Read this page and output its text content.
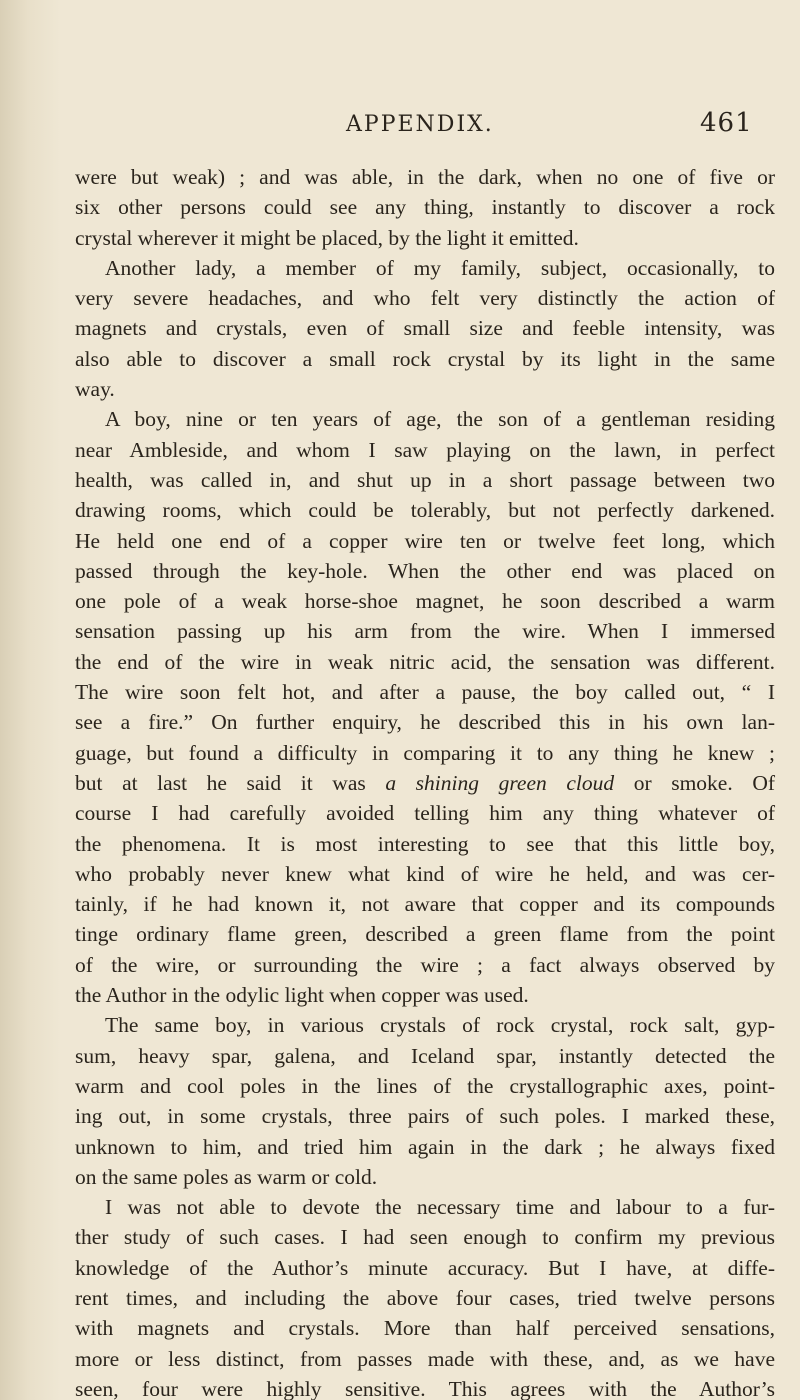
APPENDIX.	461
were but weak) ; and was able, in the dark, when no one of five or
six other persons could see any thing, instantly to discover a rock
crystal wherever it might be placed, by the light it emitted.
Another lady, a member of my family, subject, occasionally, to
very severe headaches, and who felt very distinctly the action of
magnets and crystals, even of small size and feeble intensity, was
also able to discover a small rock crystal by its light in the same
way.
A boy, nine or ten years of age, the son of a gentleman residing
near Ambleside, and whom I saw playing on the lawn, in perfect
health, was called in, and shut up in a short passage between two
drawing rooms, which could be tolerably, but not perfectly darkened.
He held one end of a copper wire ten or twelve feet long, which
passed through the key-hole. When the other end was placed on
one pole of a weak horse-shoe magnet, he soon described a warm
sensation passing up his arm from the wire. When I immersed
the end of the wire in weak nitric acid, the sensation was different.
The wire soon felt hot, and after a pause, the boy called out, “ I
see a fire.” On further enquiry, he described this in his own lan-
guage, but found a difficulty in comparing it to any thing he knew ;
but at last he said it was a shining green cloud or smoke. Of
course I had carefully avoided telling him any thing whatever of
the phenomena. It is most interesting to see that this little boy,
who probably never knew what kind of wire he held, and was cer-
tainly, if he had known it, not aware that copper and its compounds
tinge ordinary flame green, described a green flame from the point
of the wire, or surrounding the wire ; a fact always observed by
the Author in the odylic light when copper was used.
The same boy, in various crystals of rock crystal, rock salt, gyp-
sum, heavy spar, galena, and Iceland spar, instantly detected the
warm and cool poles in the lines of the crystallographic axes, point-
ing out, in some crystals, three pairs of such poles. I marked these,
unknown to him, and tried him again in the dark ; he always fixed
on the same poles as warm or cold.
I was not able to devote the necessary time and labour to a fur-
ther study of such cases. I had seen enough to confirm my previous
knowledge of the Author’s minute accuracy. But I have, at diffe-
rent times, and including the above four cases, tried twelve persons
with magnets and crystals. More than half perceived sensations,
more or less distinct, from passes made with these, and, as we have
seen, four were highly sensitive. This agrees with the Author’s
